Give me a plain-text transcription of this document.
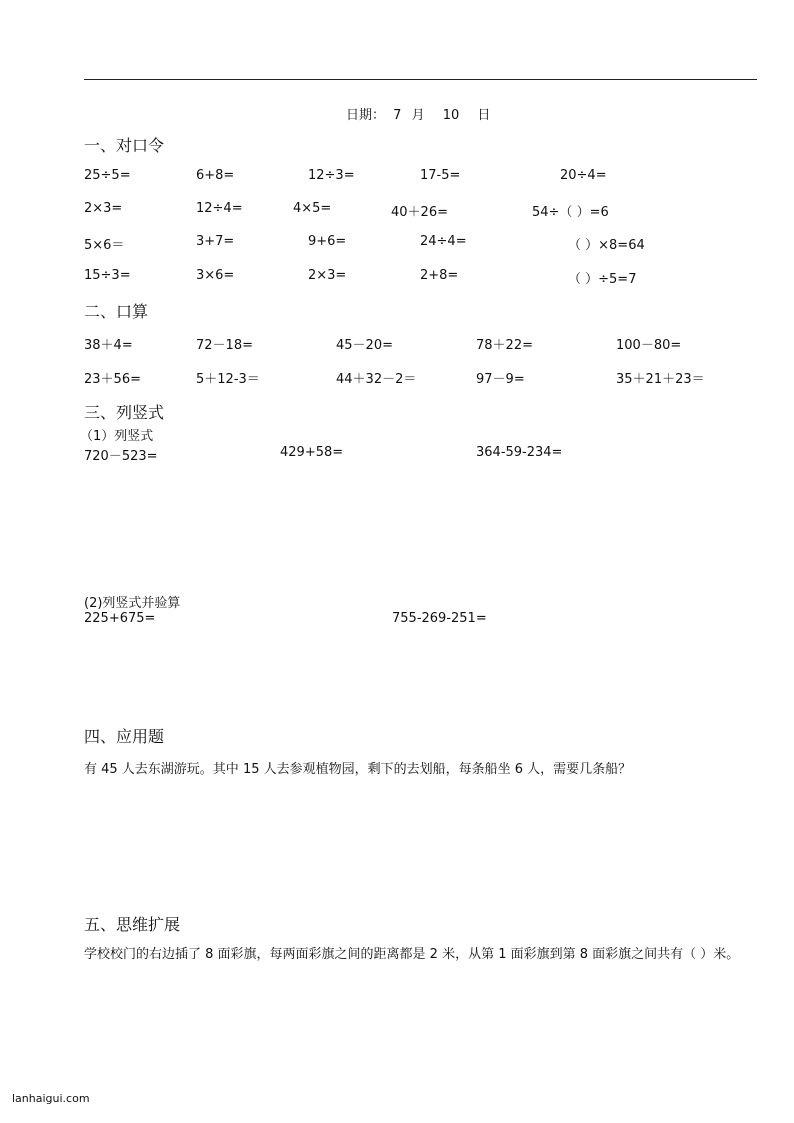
日期： 7 月 10 日
一、对口令
25÷5=	6+8=	12÷3=	17-5=	20÷4=
2×3=	12÷4=	4×5=	40＋26=	54÷（ ）=6
5×6＝	3+7=	9+6=	24÷4=	（ ）×8=64
15÷3=	3×6=	2×3=	2+8=	（ ）÷5=7
二、口算
38＋4=	72－18=	45－20=	78＋22=	100－80=
23＋56=	5＋12-3＝	44＋32－2＝	97－9=	35＋21＋23＝
三、列竖式
（1）列竖式
720－523=	429+58=	364-59-234=
(2)列竖式并验算
225+675=	755-269-251=
四、应用题
有 45 人去东湖游玩。其中 15 人去参观植物园，剩下的去划船，每条船坐 6 人，需要几条船？
五、思维扩展
学校校门的右边插了 8 面彩旗，每两面彩旗之间的距离都是 2 米，从第 1 面彩旗到第 8 面彩旗之间共有（ ）米。
lanhaigui.com
